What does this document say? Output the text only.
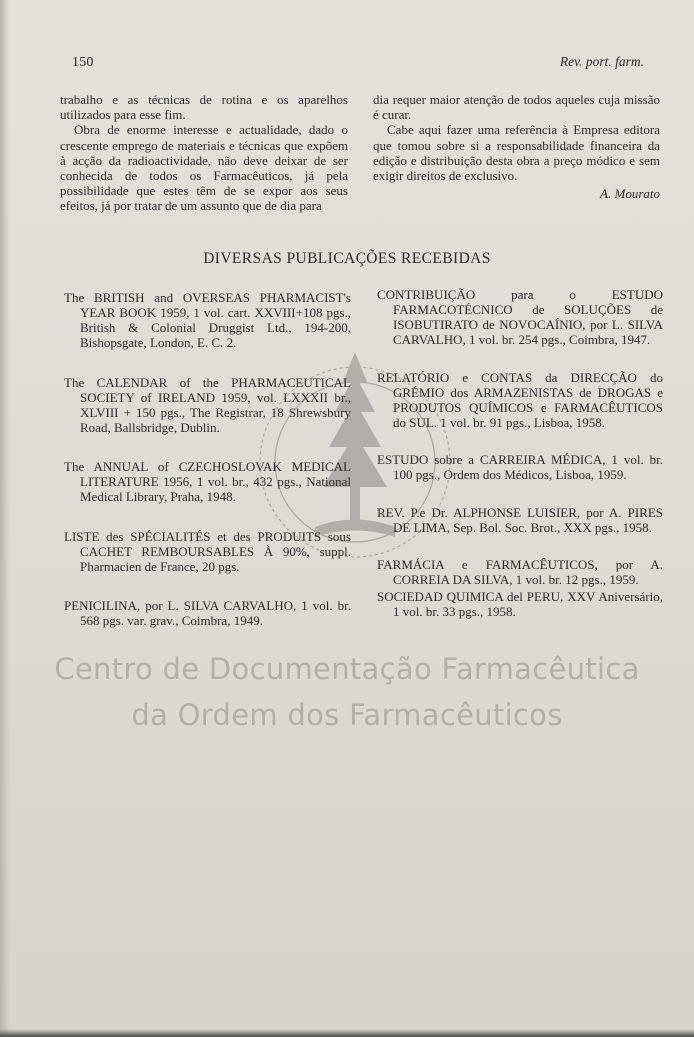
150	Rev. port. farm.

trabalho e as técnicas de rotina e os aparelhos utilizados para esse fim.

Obra de enorme interesse e actualidade, dado o crescente emprego de materiais e técnicas que expõem à acção da radioactividade, não deve deixar de ser conhecida de todos os Farmacêuticos, já pela possibilidade que estes têm de se expor aos seus efeitos, já por tratar de um assunto que de dia para

dia requer maior atenção de todos aqueles cuja missão é curar.

Cabe aqui fazer uma referência à Empresa editora que tomou sobre si a responsabilidade financeira da edição e distribuição desta obra a preço módico e sem exigir direitos de exclusivo.

A. Mourato

DIVERSAS PUBLICAÇÕES RECEBIDAS

The BRITISH and OVERSEAS PHARMACIST's YEAR BOOK 1959, 1 vol. cart. XXVIII+108 pgs., British & Colonial Druggist Ltd., 194-200, Bishopsgate, London, E. C. 2.

The CALENDAR of the PHARMACEUTICAL SOCIETY of IRELAND 1959, vol. LXXXII br., XLVIII + 150 pgs., The Registrar, 18 Shrewsbury Road, Ballsbridge, Dublin.

The ANNUAL of CZECHOSLOVAK MEDICAL LITERATURE 1956, 1 vol. br., 432 pgs., National Medical Library, Praha, 1948.

LISTE des SPÉCIALITÉS et des PRODUITS sous CACHET REMBOURSABLES À 90%, suppl. Pharmacien de France, 20 pgs.

PENICILINA, por L. SILVA CARVALHO, 1 vol. br. 568 pgs. var. grav., Coimbra, 1949.

CONTRIBUIÇÃO para o ESTUDO FARMACOTÉCNICO de SOLUÇÕES de ISOBUTIRATO de NOVOCAÍNIO, por L. SILVA CARVALHO, 1 vol. br. 254 pgs., Coimbra, 1947.

RELATÓRIO e CONTAS da DIRECÇÃO do GRÉMIO dos ARMAZENISTAS de DROGAS e PRODUTOS QUÍMICOS e FARMACÊUTICOS do SUL. 1 vol. br. 91 pgs., Lisboa, 1958.

ESTUDO sobre a CARREIRA MÉDICA, 1 vol. br. 100 pgs., Ordem dos Médicos, Lisboa, 1959.

REV. P.e Dr. ALPHONSE LUISIER, por A. PIRES DE LIMA, Sep. Bol. Soc. Brot., XXX pgs., 1958.

FARMÁCIA e FARMACÊUTICOS, por A. CORREIA DA SILVA, 1 vol. br. 12 pgs., 1959.

SOCIEDAD QUIMICA del PERU, XXV Aniversário, 1 vol. br. 33 pgs., 1958.

Centro de Documentação Farmacêutica
da Ordem dos Farmacêuticos
